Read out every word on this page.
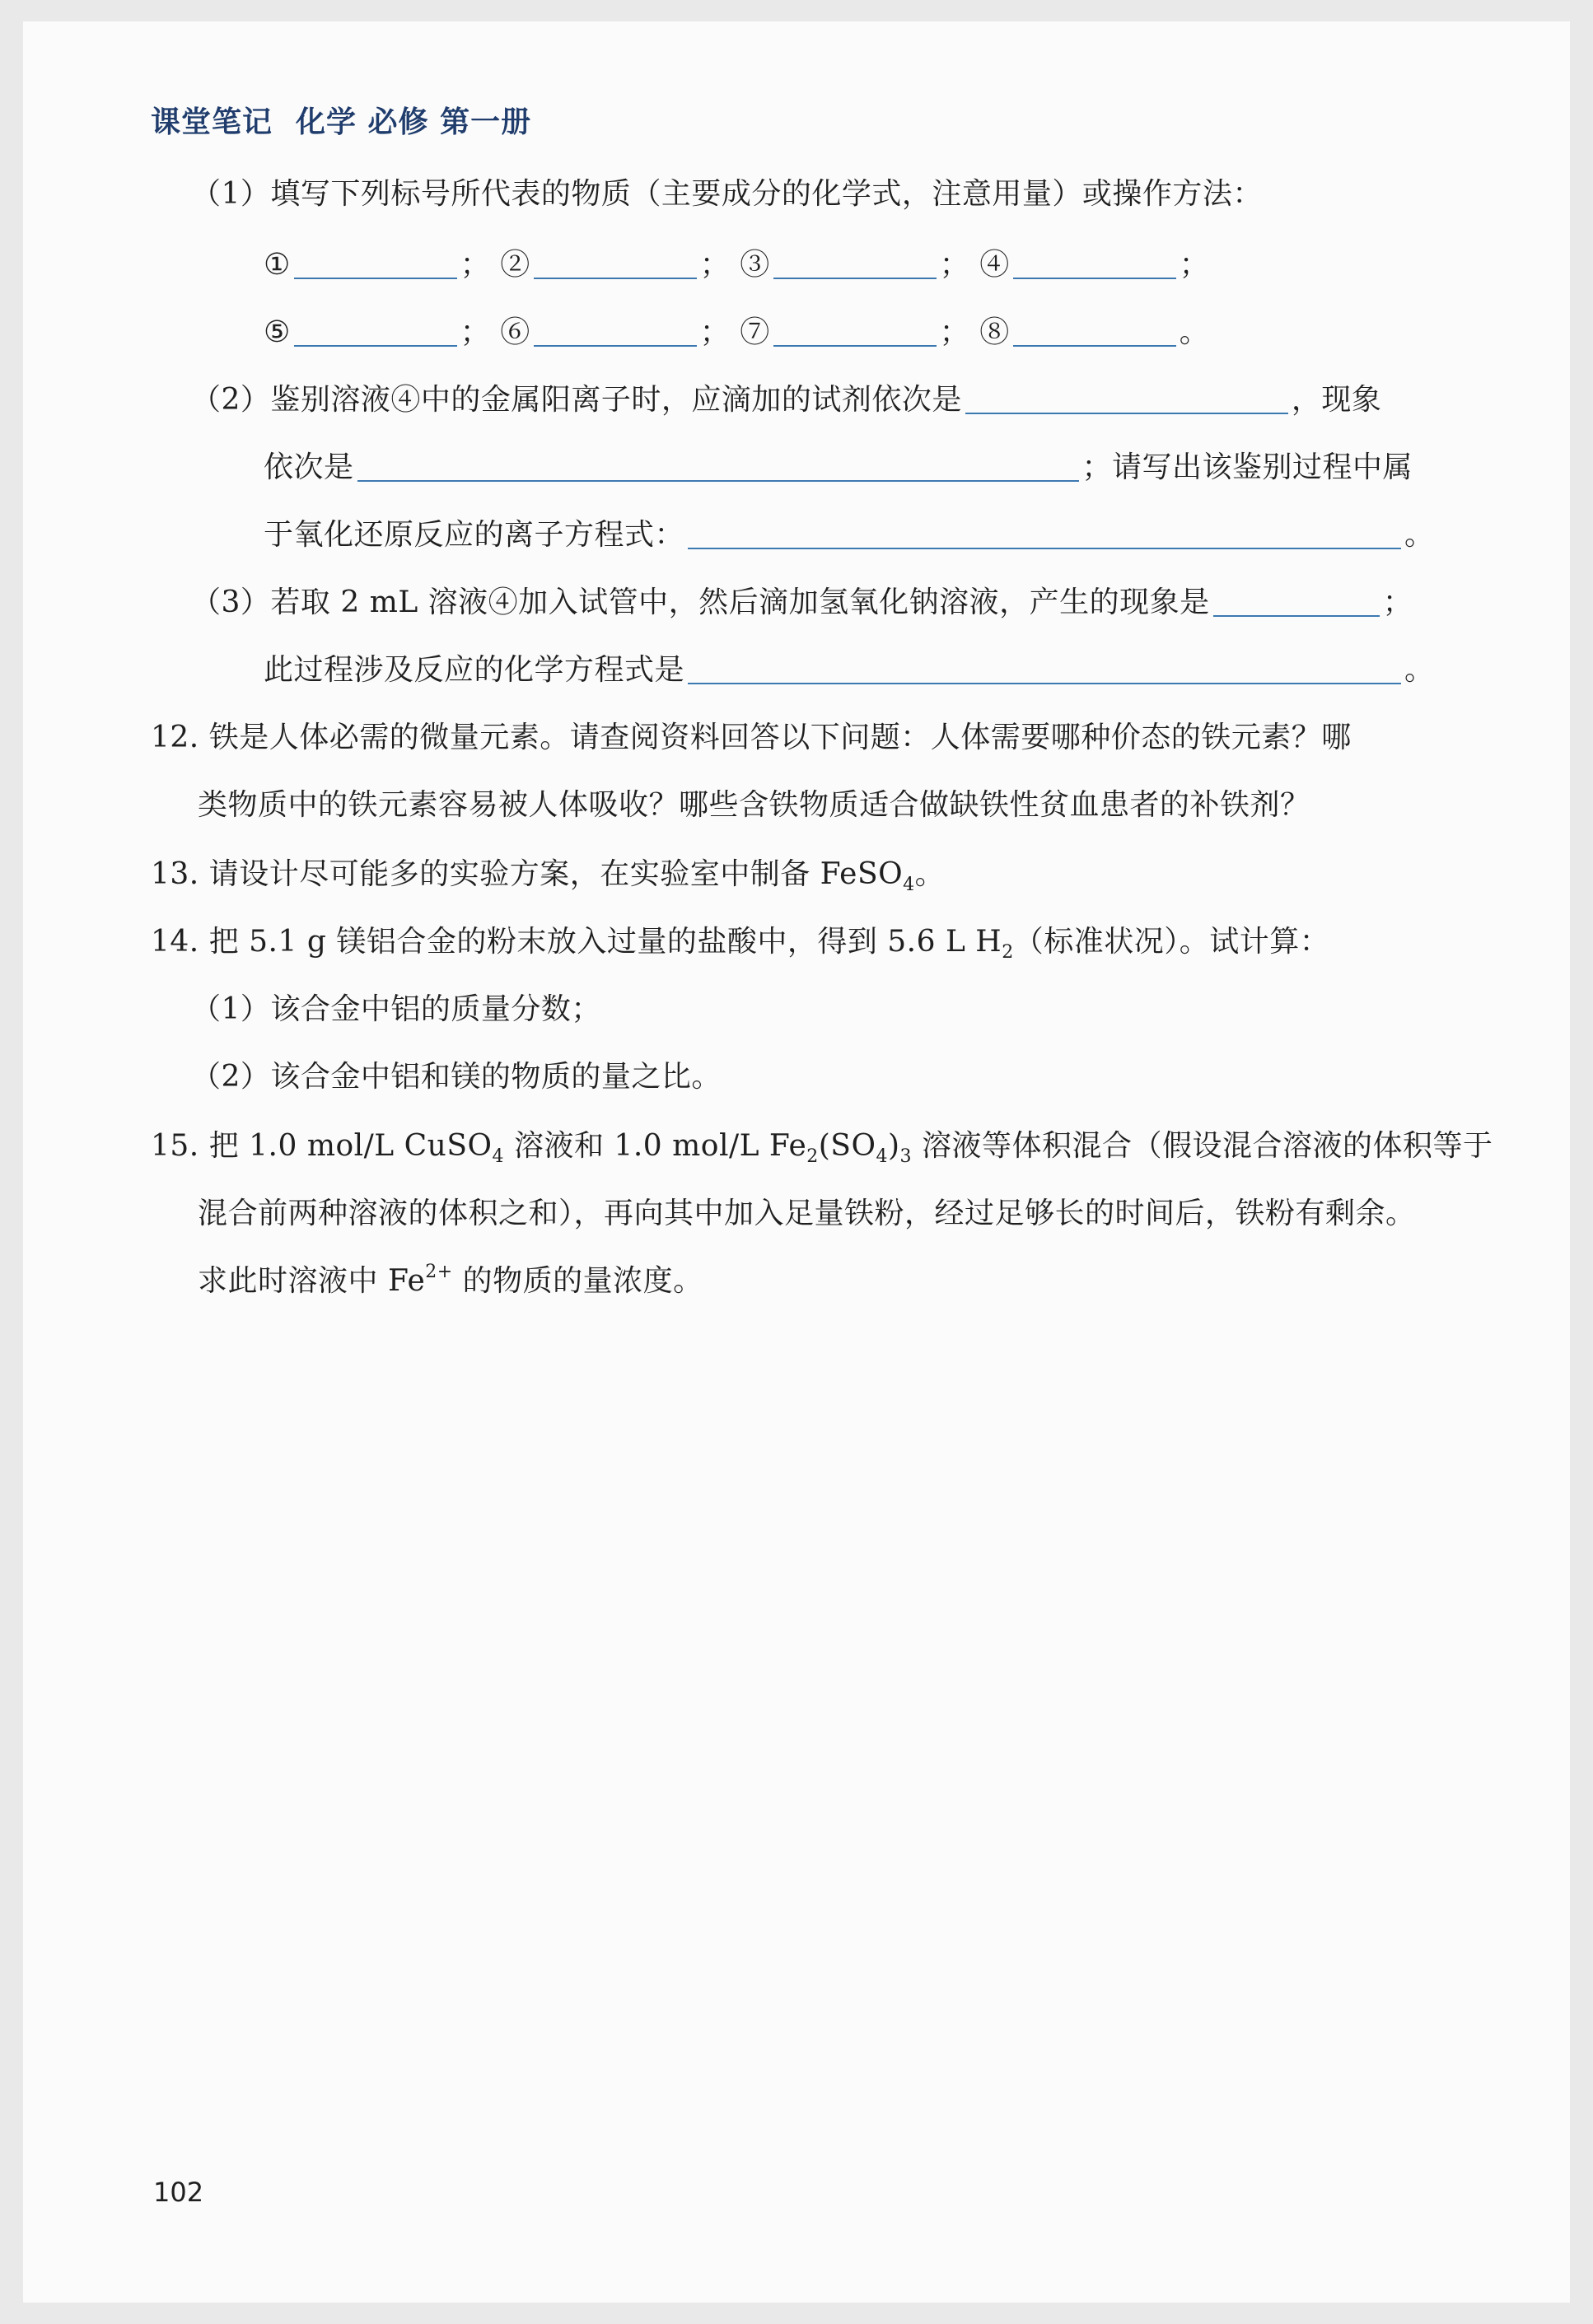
课堂笔记 化学 必修 第一册
（1）填写下列标号所代表的物质（主要成分的化学式，注意用量）或操作方法：
①	； ②	； ③	； ④	；
⑤	； ⑥	； ⑦	； ⑧	。
（2）鉴别溶液④中的金属阳离子时，应滴加的试剂依次是	，现象
依次是	；请写出该鉴别过程中属
于氧化还原反应的离子方程式：	。
（3）若取 2 mL 溶液④加入试管中，然后滴加氢氧化钠溶液，产生的现象是	；
此过程涉及反应的化学方程式是	。
12. 铁是人体必需的微量元素。请查阅资料回答以下问题：人体需要哪种价态的铁元素？哪
类物质中的铁元素容易被人体吸收？哪些含铁物质适合做缺铁性贫血患者的补铁剂？
13. 请设计尽可能多的实验方案，在实验室中制备 FeSO$_4$。
14. 把 5.1 g 镁铝合金的粉末放入过量的盐酸中，得到 5.6 L $H_2$（标准状况）。试计算：
（1）该合金中铝的质量分数；
（2）该合金中铝和镁的物质的量之比。
15. 把 1.0 mol/L CuSO$_4$ 溶液和 1.0 mol/L $Fe_2(SO_4)_3$ 溶液等体积混合（假设混合溶液的体积等于
混合前两种溶液的体积之和），再向其中加入足量铁粉，经过足够长的时间后，铁粉有剩余。
求此时溶液中 $Fe^{2+}$ 的物质的量浓度。
102
